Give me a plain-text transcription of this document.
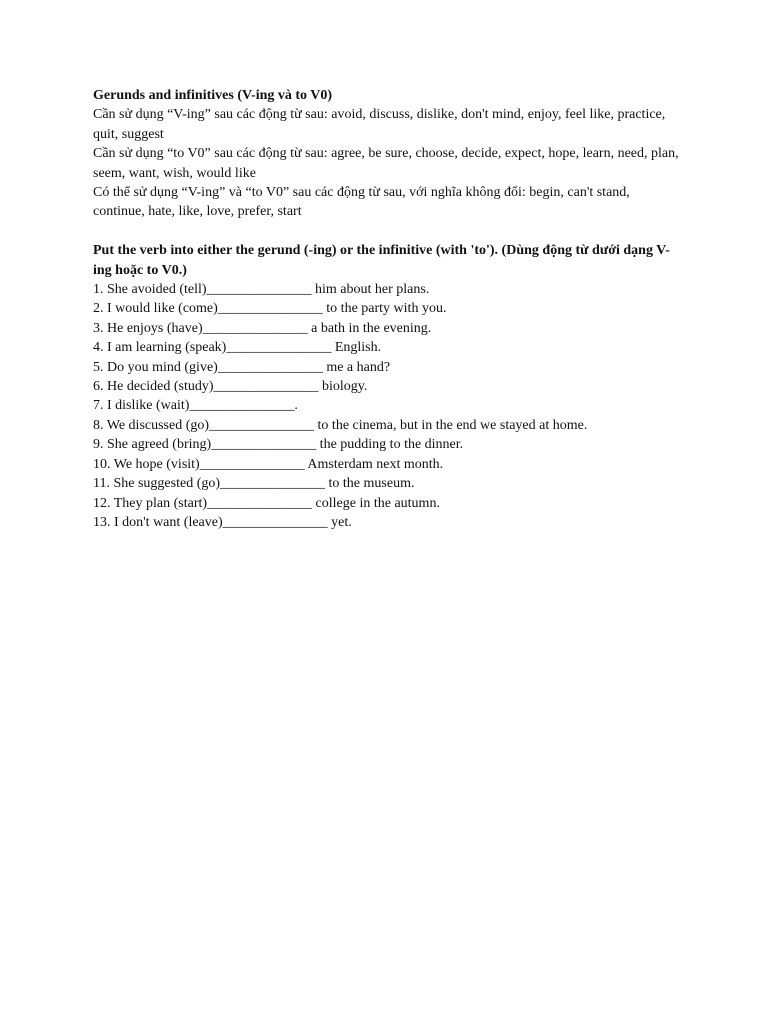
Gerunds and infinitives (V-ing và to V0)

Cần sử dụng “V-ing” sau các động từ sau: avoid, discuss, dislike, don't mind, enjoy, feel like, practice, quit, suggest

Cần sử dụng “to V0” sau các động từ sau: agree, be sure, choose, decide, expect, hope, learn, need, plan, seem, want, wish, would like

Có thể sử dụng “V-ing” và “to V0” sau các động từ sau, với nghĩa không đổi: begin, can't stand, continue, hate, like, love, prefer, start

Put the verb into either the gerund (-ing) or the infinitive (with 'to'). (Dùng động từ dưới dạng V-ing hoặc to V0.)

1. She avoided (tell)_______________ him about her plans.

2. I would like (come)_______________ to the party with you.

3. He enjoys (have)_______________ a bath in the evening.

4. I am learning (speak)_______________ English.

5. Do you mind (give)_______________ me a hand?

6. He decided (study)_______________ biology.

7. I dislike (wait)_______________.

8. We discussed (go)_______________ to the cinema, but in the end we stayed at home.

9. She agreed (bring)_______________ the pudding to the dinner.

10. We hope (visit)_______________ Amsterdam next month.

11. She suggested (go)_______________ to the museum.

12. They plan (start)_______________ college in the autumn.

13. I don't want (leave)_______________ yet.
